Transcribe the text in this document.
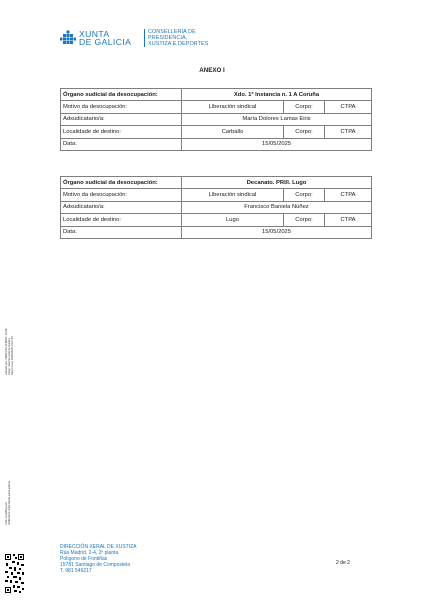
XUNTA
DE GALICIA
CONSELLERÍA DE
PRESIDENCIA,
XUSTIZA E DEPORTES
ANEXO I
Órgano xudicial da desocupación:	Xdo. 1ª Instancia n. 1 A Coruña		
Motivo da desocupación:	Liberación sindical	Corpo:	CTPA
Adxudicatario/a:	María Dolores Lamas Eiris		
Localidade de destino:	Carballo	Corpo:	CTPA
Data:	15/05/2025		
Órgano xudicial da desocupación:	Decanato. PRI/I. Lugo		
Motivo da desocupación:	Liberación sindical	Corpo:	CTPA
Adxudicatario/a:	Francisco Baniela Núñez		
Localidade de destino:	Lugo	Corpo:	CTPA
Data:	15/05/2025		
Asinado por: TERROSO ALBERT, JOSE Cargo: Xerente xeral de Xustiza Data e hora: 30/05/2025 14:37:45
CVE: xwq49rLpow2 Verificación: https://sede.xunta.gal/cve
DIRECCIÓN XERAL DE XUSTIZA
Rúa Madrid, 2-4, 2ª planta
Polígono de Fontiñas
15781 Santiago de Compostela
T. 981 546217
2 de 2
